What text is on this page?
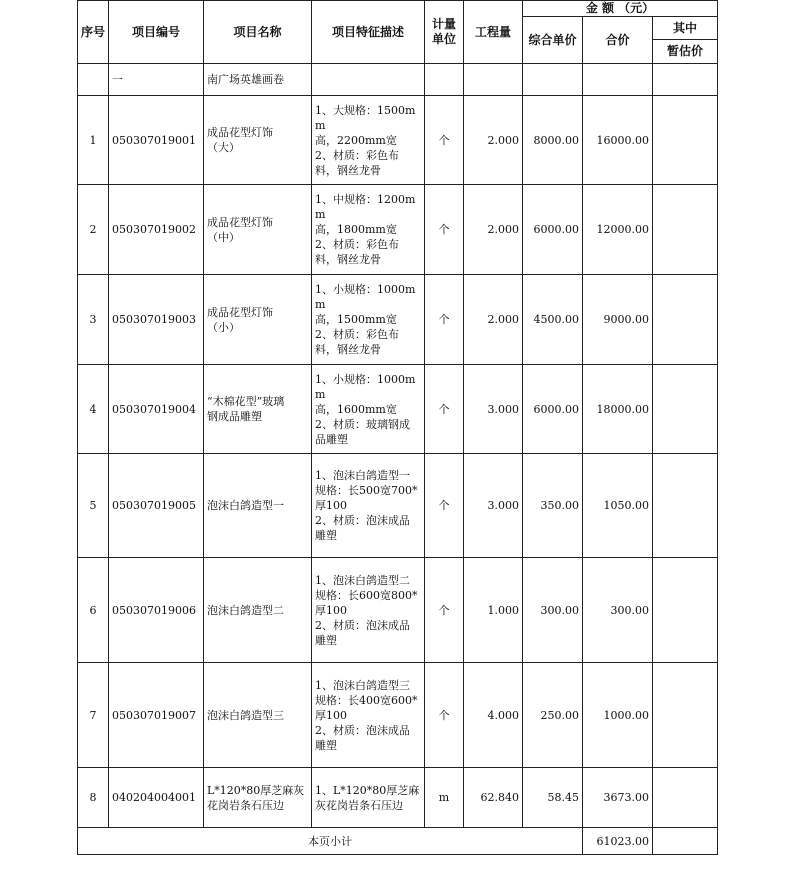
序号	项目编号	项目名称	项目特征描述	计量
单位	工程量	金 额 （元）		
						综合单价	合价	其中
								暂估价
	一	南广场英雄画卷						
1	050307019001	成品花型灯饰
（大）	1、大规格：1500mm
高，2200mm宽
2、材质：彩色布
料，钢丝龙骨	个	2.000	8000.00	16000.00	
2	050307019002	成品花型灯饰
（中）	1、中规格：1200mm
高，1800mm宽
2、材质：彩色布
料，钢丝龙骨	个	2.000	6000.00	12000.00	
3	050307019003	成品花型灯饰
（小）	1、小规格：1000mm
高，1500mm宽
2、材质：彩色布
料，钢丝龙骨	个	2.000	4500.00	9000.00	
4	050307019004	“木棉花型”玻璃
钢成品雕塑	1、小规格：1000mm
高，1600mm宽
2、材质：玻璃钢成
品雕塑	个	3.000	6000.00	18000.00	
5	050307019005	泡沫白鸽造型一	1、泡沫白鸽造型一
规格：长500宽700*
厚100
2、材质：泡沫成品
雕塑	个	3.000	350.00	1050.00	
6	050307019006	泡沫白鸽造型二	1、泡沫白鸽造型二
规格：长600宽800*
厚100
2、材质：泡沫成品
雕塑	个	1.000	300.00	300.00	
7	050307019007	泡沫白鸽造型三	1、泡沫白鸽造型三
规格：长400宽600*
厚100
2、材质：泡沫成品
雕塑	个	4.000	250.00	1000.00	
8	040204004001	L*120*80厚芝麻灰
花岗岩条石压边	1、L*120*80厚芝麻
灰花岗岩条石压边	m	62.840	58.45	3673.00	
本页小计							61023.00	
